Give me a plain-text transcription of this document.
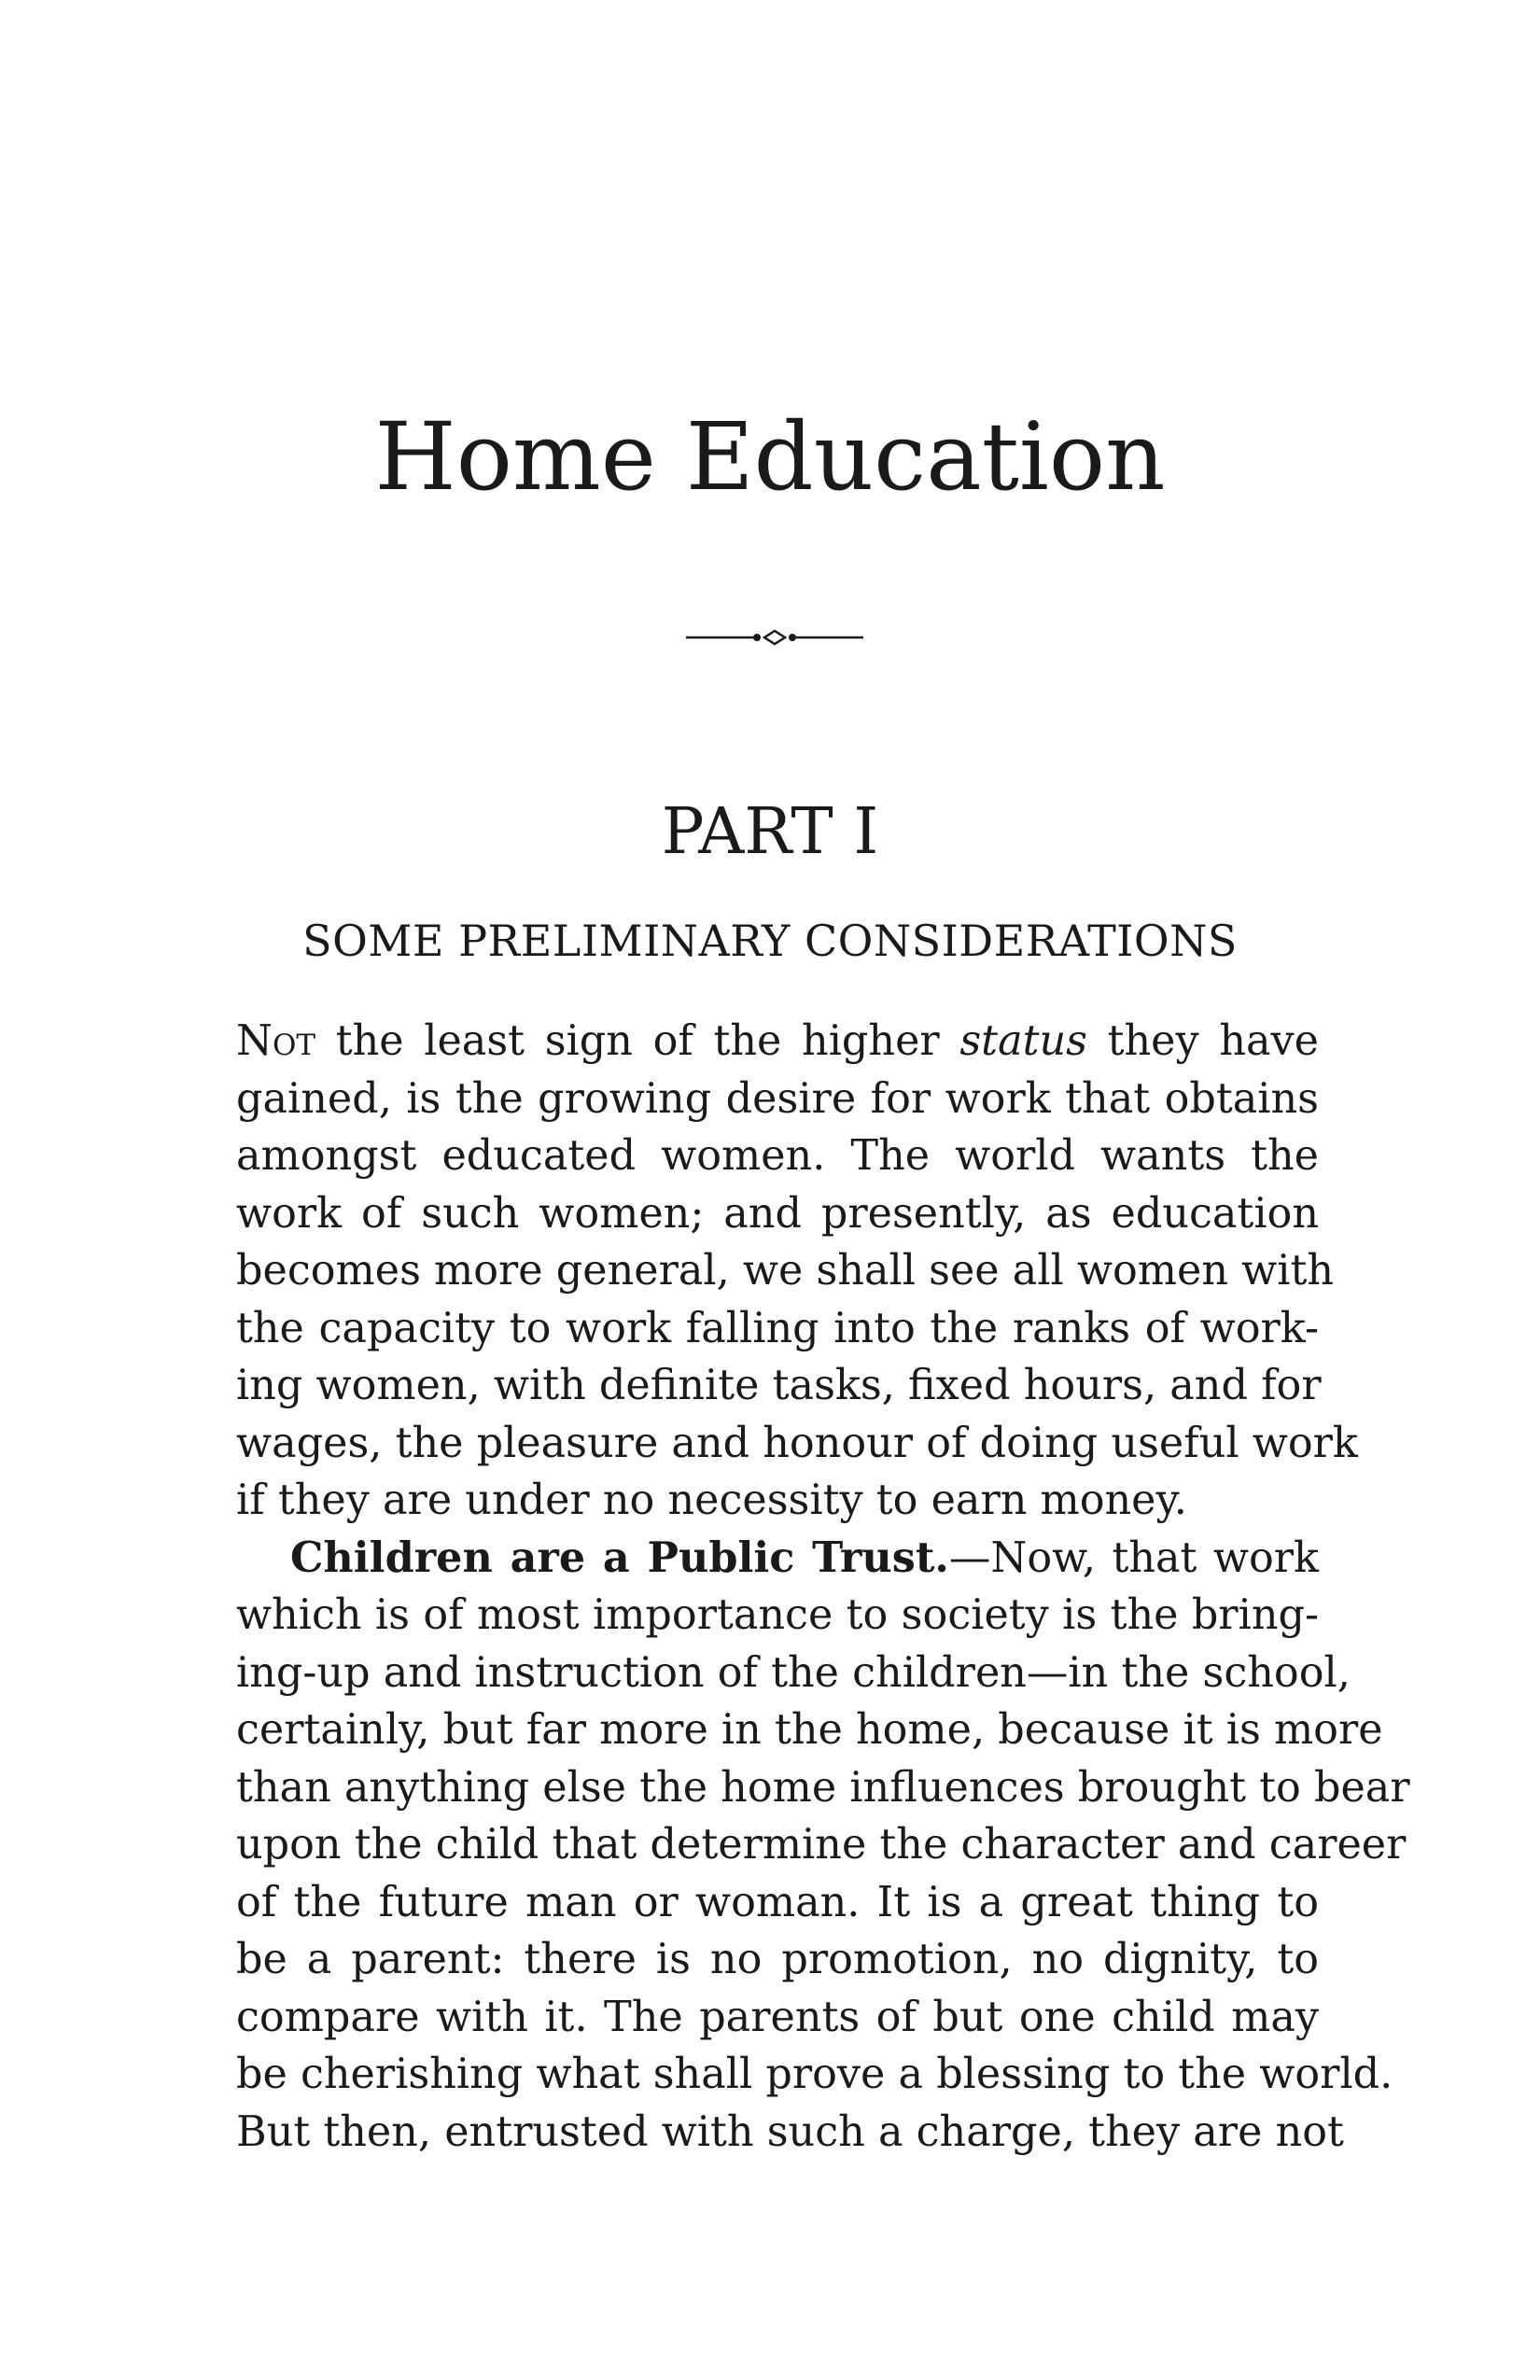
Home Education
PART I
SOME PRELIMINARY CONSIDERATIONS
Not the least sign of the higher status they have
gained, is the growing desire for work that obtains
amongst educated women. The world wants the
work of such women; and presently, as education
becomes more general, we shall see all women with
the capacity to work falling into the ranks of work-
ing women, with definite tasks, fixed hours, and for
wages, the pleasure and honour of doing useful work
if they are under no necessity to earn money.
Children are a Public Trust.—Now, that work
which is of most importance to society is the bring-
ing-up and instruction of the children—in the school,
certainly, but far more in the home, because it is more
than anything else the home influences brought to bear
upon the child that determine the character and career
of the future man or woman. It is a great thing to
be a parent: there is no promotion, no dignity, to
compare with it. The parents of but one child may
be cherishing what shall prove a blessing to the world.
But then, entrusted with such a charge, they are not
